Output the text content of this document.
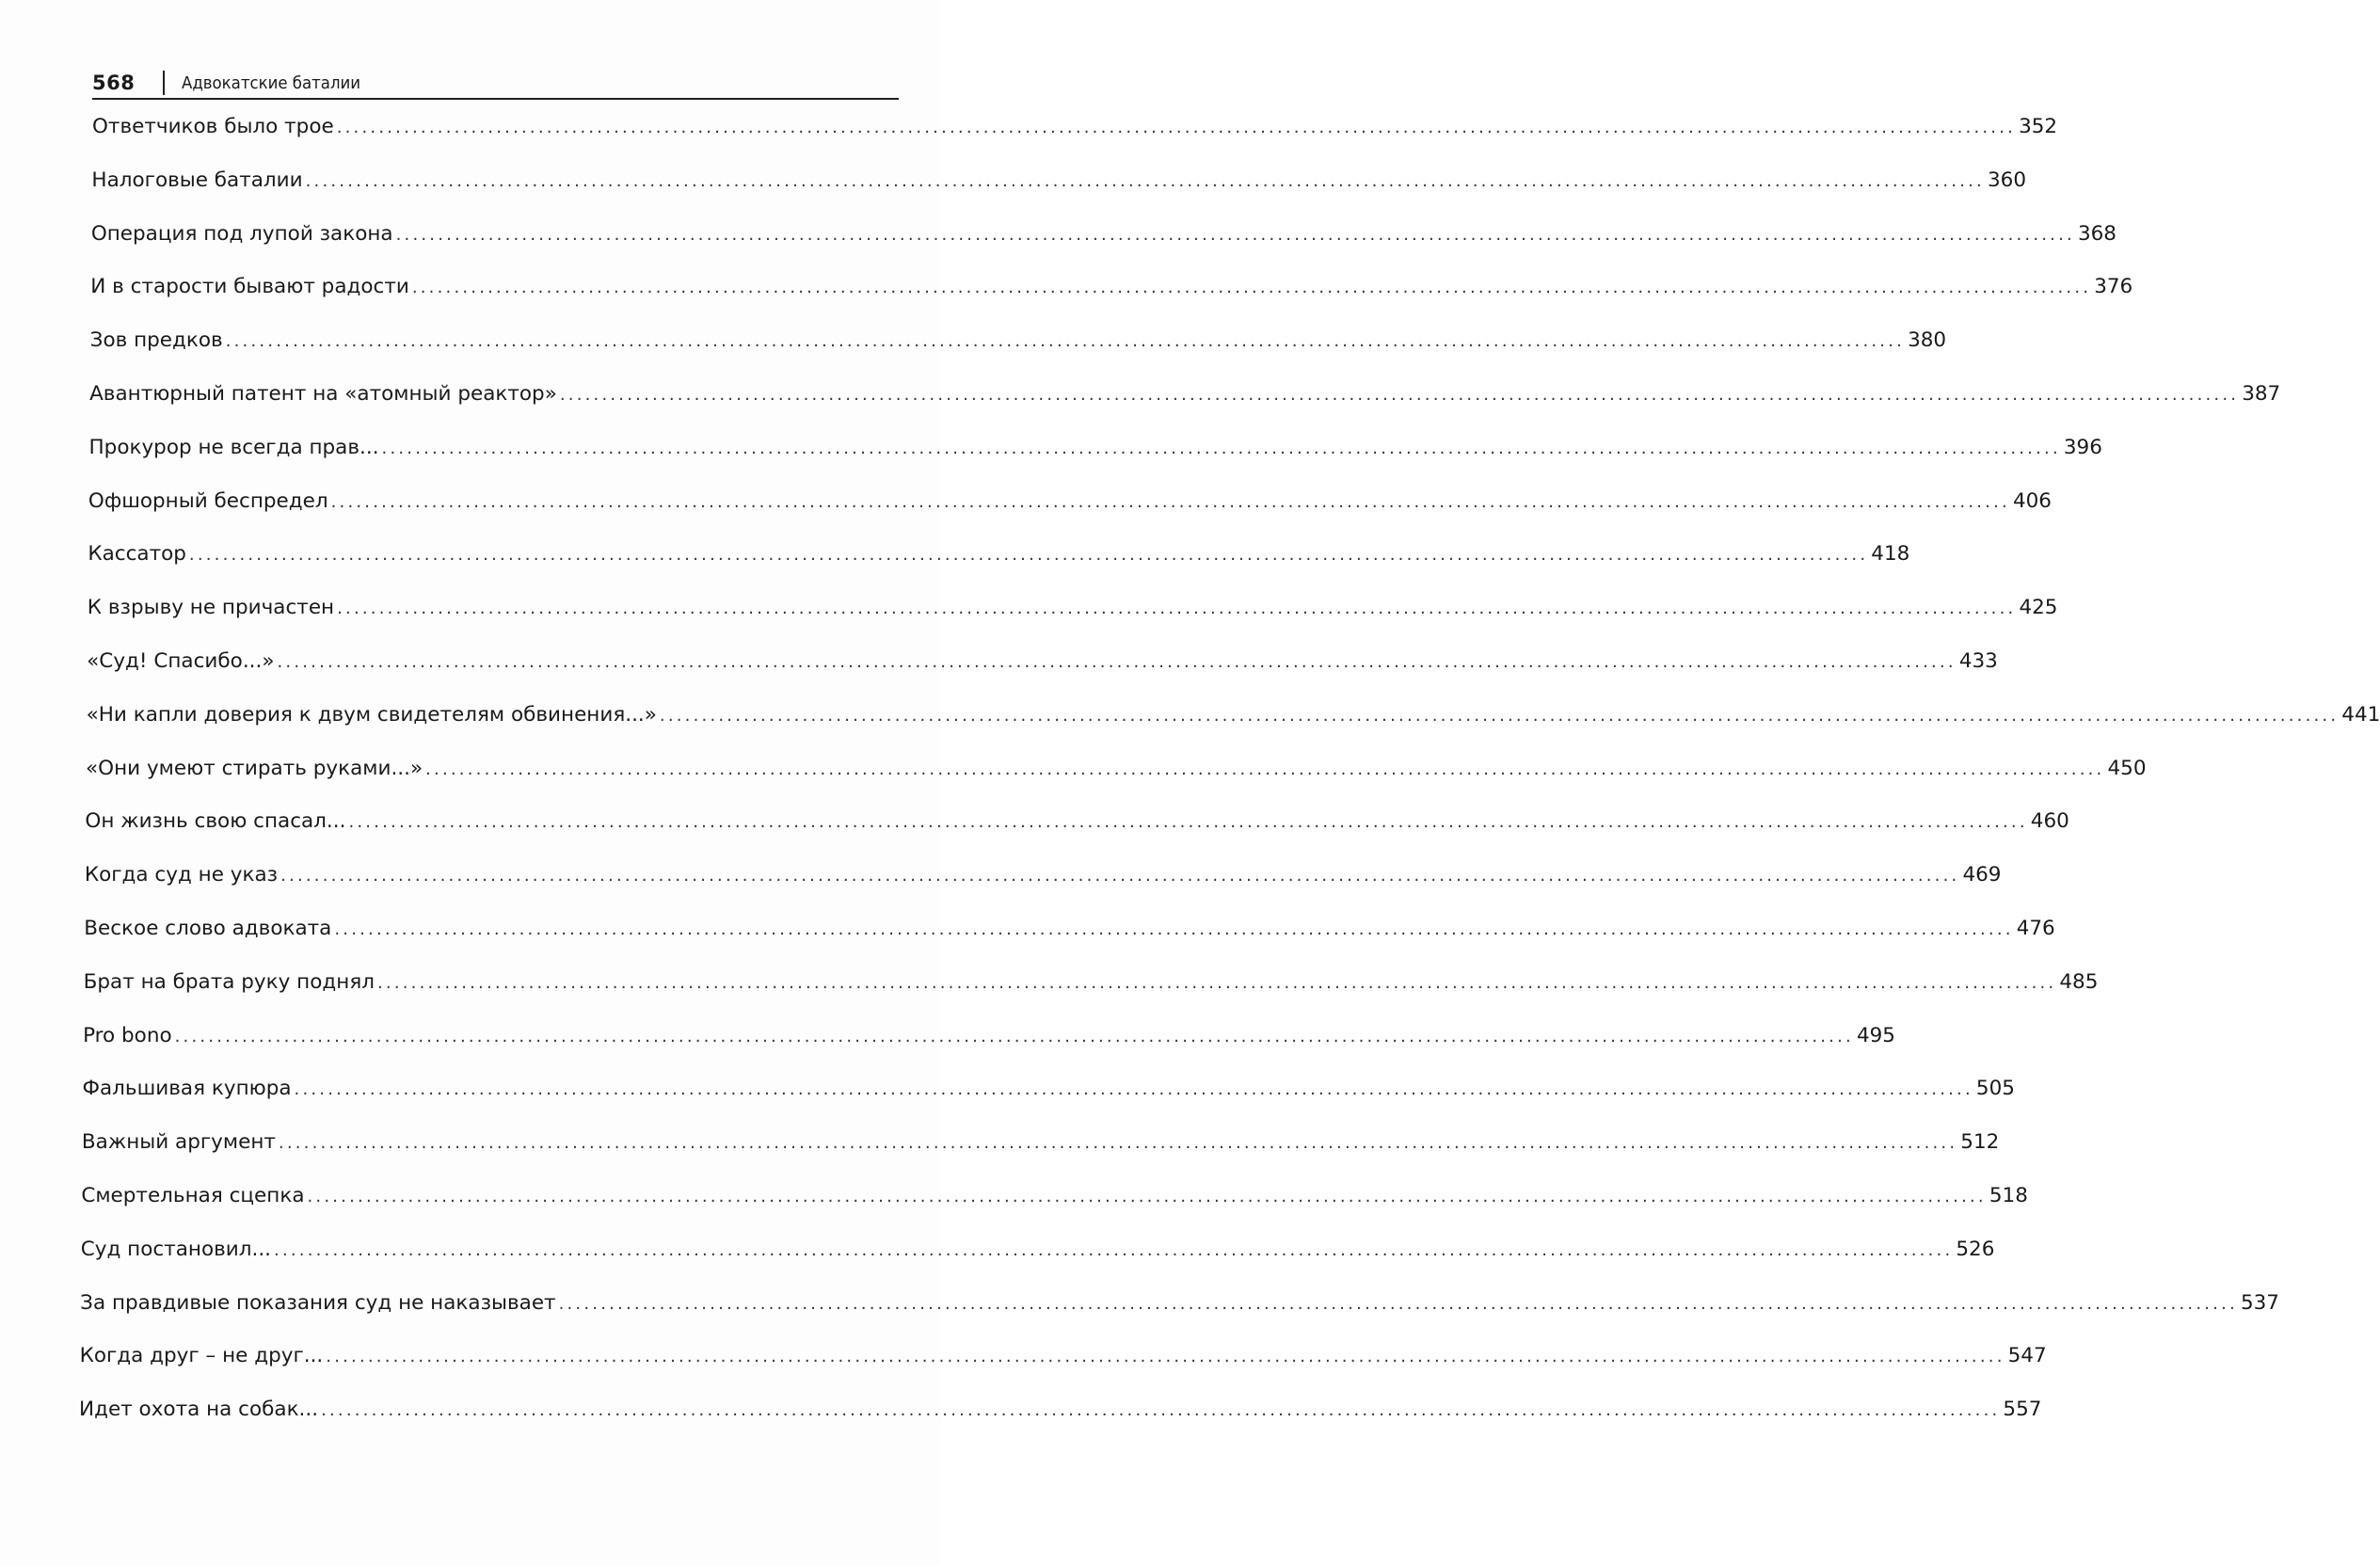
568	Адвокатские баталии
Ответчиков было трое ........................................................................................................................................................................................................ 352
Налоговые баталии ........................................................................................................................................................................................................ 360
Операция под лупой закона ........................................................................................................................................................................................................ 368
И в старости бывают радости ........................................................................................................................................................................................................ 376
Зов предков ........................................................................................................................................................................................................ 380
Авантюрный патент на «атомный реактор» ........................................................................................................................................................................................................ 387
Прокурор не всегда прав... ........................................................................................................................................................................................................ 396
Офшорный беспредел ........................................................................................................................................................................................................ 406
Кассатор ........................................................................................................................................................................................................ 418
К взрыву не причастен ........................................................................................................................................................................................................ 425
«Суд! Спасибо...» ........................................................................................................................................................................................................ 433
«Ни капли доверия к двум свидетелям обвинения...» ........................................................................................................................................................................................................ 441
«Они умеют стирать руками...» ........................................................................................................................................................................................................ 450
Он жизнь свою спасал... ........................................................................................................................................................................................................ 460
Когда суд не указ ........................................................................................................................................................................................................ 469
Веское слово адвоката ........................................................................................................................................................................................................ 476
Брат на брата руку поднял ........................................................................................................................................................................................................ 485
Pro bono ........................................................................................................................................................................................................ 495
Фальшивая купюра ........................................................................................................................................................................................................ 505
Важный аргумент ........................................................................................................................................................................................................ 512
Смертельная сцепка ........................................................................................................................................................................................................ 518
Суд постановил... ........................................................................................................................................................................................................ 526
За правдивые показания суд не наказывает ........................................................................................................................................................................................................ 537
Когда друг – не друг... ........................................................................................................................................................................................................ 547
Идет охота на собак... ........................................................................................................................................................................................................ 557
